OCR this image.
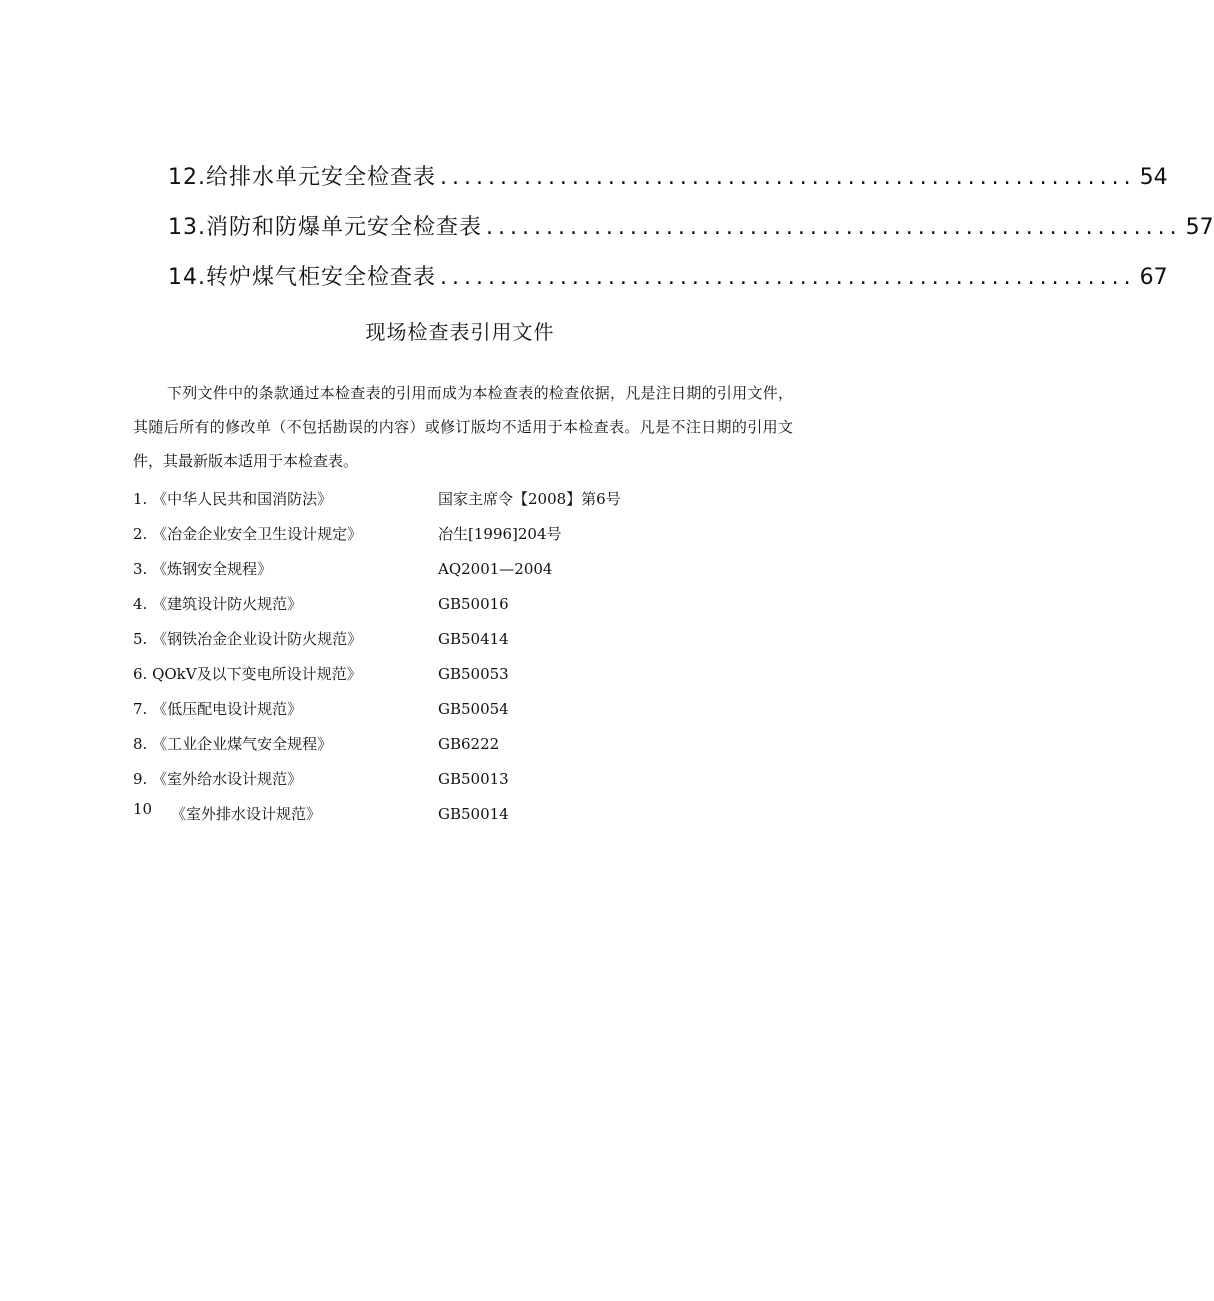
12 .给排水单元安全检查表 .......................................................... 54
13 .消防和防爆单元安全检查表 .......................................................... 57
14 .转炉煤气柜安全检查表 .......................................................... 67
现场检查表引用文件

下列文件中的条款通过本检查表的引用而成为本检查表的检查依据，凡是注日期的引用文件，其随后所有的修改单（不包括勘误的内容）或修订版均不适用于本检查表。凡是不注日期的引用文件，其最新版本适用于本检查表。

1. 《中华人民共和国消防法》	国家主席令【2008】第6号
2. 《冶金企业安全卫生设计规定》	冶生[1996]204号
3. 《炼钢安全规程》	AQ2001—2004
4. 《建筑设计防火规范》	GB50016
5. 《钢铁冶金企业设计防火规范》	GB50414
6. QOkV及以下变电所设计规范》	GB50053
7. 《低压配电设计规范》	GB50054
8. 《工业企业煤气安全规程》	GB6222
9. 《室外给水设计规范》	GB50013
10 《室外排水设计规范》	GB50014
